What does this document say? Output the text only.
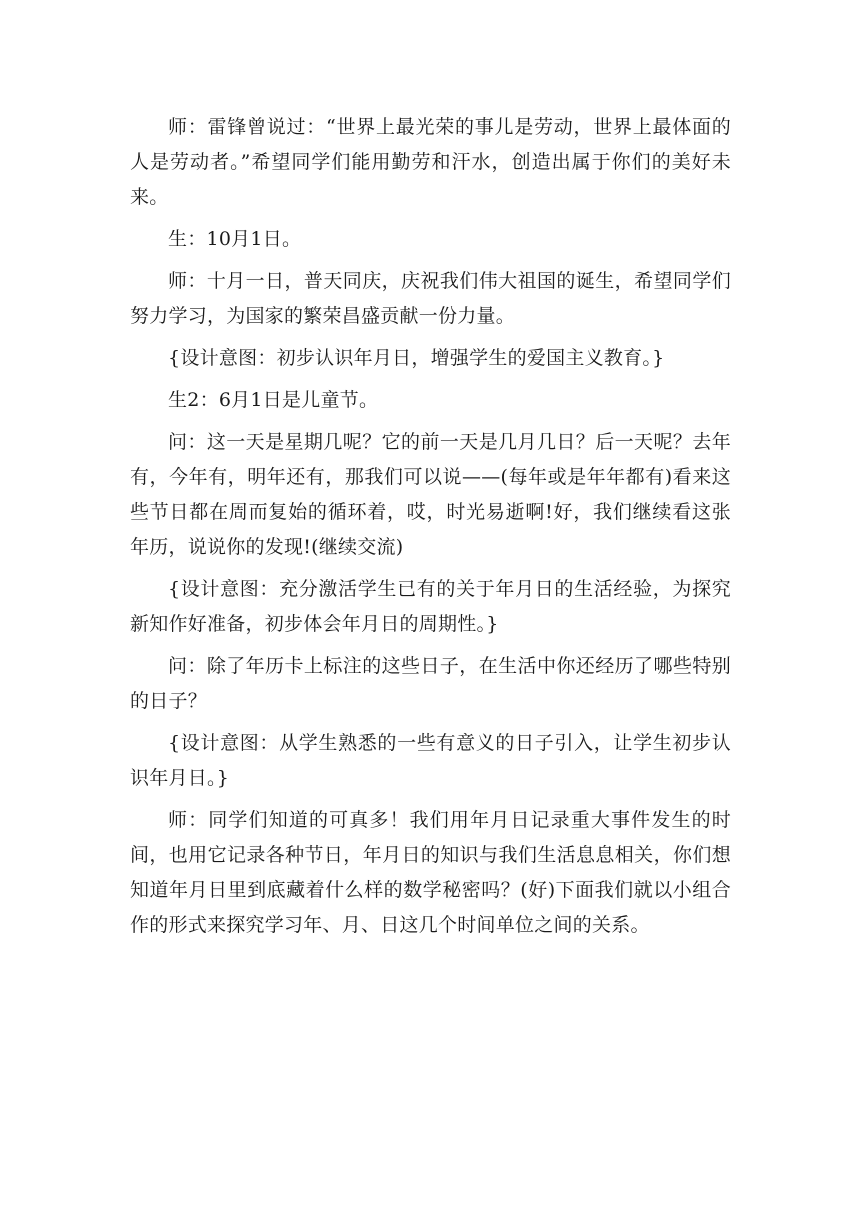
师：雷锋曾说过：“世界上最光荣的事儿是劳动，世界上最体面的人是劳动者。”希望同学们能用勤劳和汗水，创造出属于你们的美好未来。

生：10月1日。

师：十月一日，普天同庆，庆祝我们伟大祖国的诞生，希望同学们努力学习，为国家的繁荣昌盛贡献一份力量。

{设计意图：初步认识年月日，增强学生的爱国主义教育。}

生2：6月1日是儿童节。

问：这一天是星期几呢？它的前一天是几月几日？后一天呢？去年有，今年有，明年还有，那我们可以说——(每年或是年年都有)看来这些节日都在周而复始的循环着，哎，时光易逝啊!好，我们继续看这张年历，说说你的发现!(继续交流)

{设计意图：充分激活学生已有的关于年月日的生活经验，为探究新知作好准备，初步体会年月日的周期性。}

问：除了年历卡上标注的这些日子，在生活中你还经历了哪些特别的日子？

{设计意图：从学生熟悉的一些有意义的日子引入，让学生初步认识年月日。}

师：同学们知道的可真多！我们用年月日记录重大事件发生的时间，也用它记录各种节日，年月日的知识与我们生活息息相关，你们想知道年月日里到底藏着什么样的数学秘密吗？(好)下面我们就以小组合作的形式来探究学习年、月、日这几个时间单位之间的关系。
